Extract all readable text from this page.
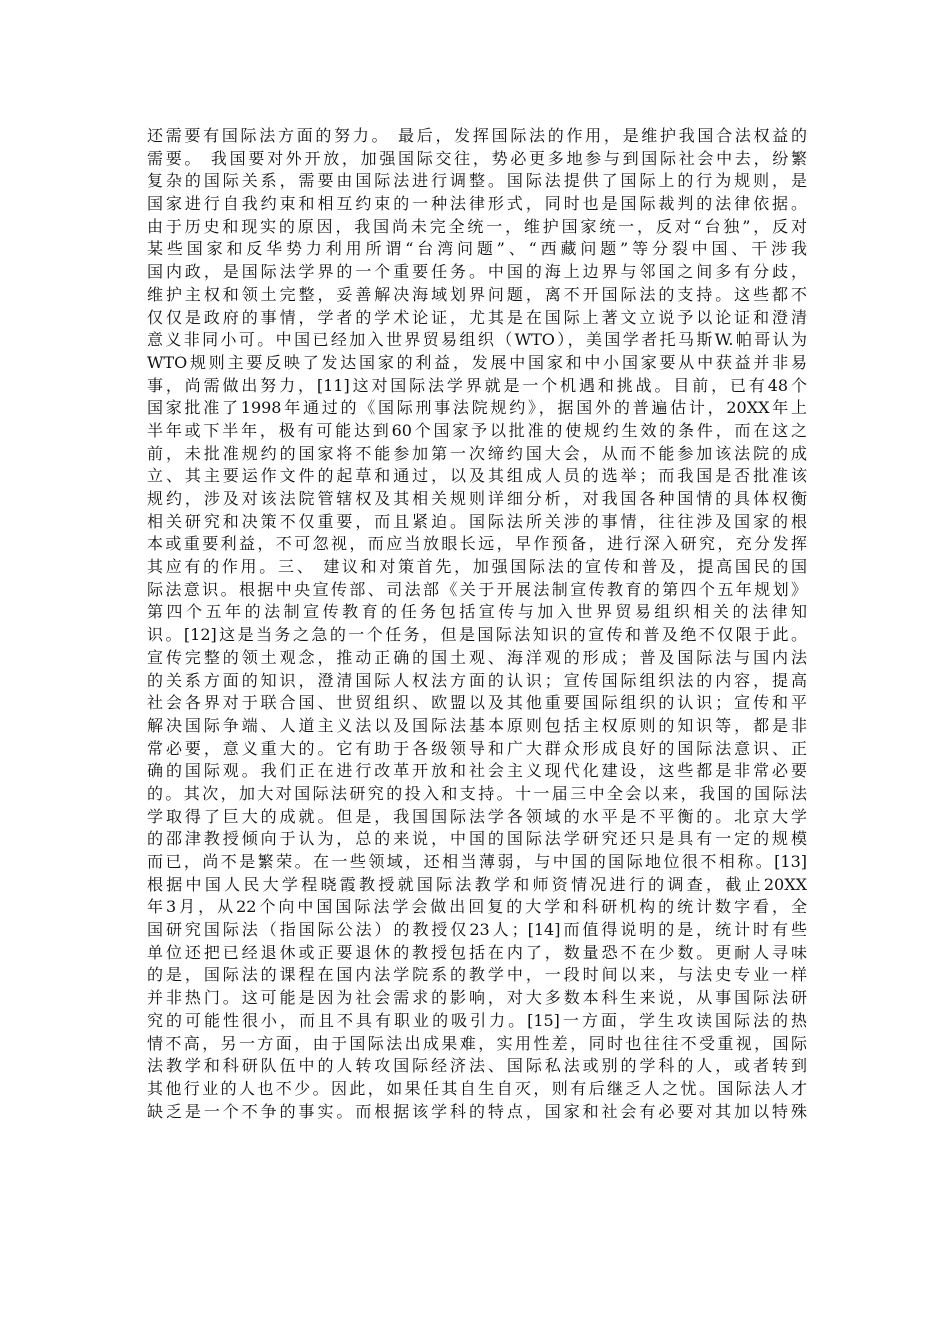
还需要有国际法方面的努力。 最后，发挥国际法的作用，是维护我国合法权益的
需要。 我国要对外开放，加强国际交往，势必更多地参与到国际社会中去，纷繁
复杂的国际关系，需要由国际法进行调整。国际法提供了国际上的行为规则，是
国家进行自我约束和相互约束的一种法律形式，同时也是国际裁判的法律依据。
由于历史和现实的原因，我国尚未完全统一，维护国家统一，反对“台独”，反对
某些国家和反华势力利用所谓“台湾问题”、“西藏问题”等分裂中国、干涉我
国内政，是国际法学界的一个重要任务。中国的海上边界与邻国之间多有分歧，
维护主权和领土完整，妥善解决海域划界问题，离不开国际法的支持。这些都不
仅仅是政府的事情，学者的学术论证，尤其是在国际上著文立说予以论证和澄清
意义非同小可。中国已经加入世界贸易组织（WTO），美国学者托马斯W.帕哥认为
WTO规则主要反映了发达国家的利益，发展中国家和中小国家要从中获益并非易
事，尚需做出努力，[11]这对国际法学界就是一个机遇和挑战。目前，已有48个
国家批准了1998年通过的《国际刑事法院规约》，据国外的普遍估计，20XX年上
半年或下半年，极有可能达到60个国家予以批准的使规约生效的条件，而在这之
前，未批准规约的国家将不能参加第一次缔约国大会，从而不能参加该法院的成
立、其主要运作文件的起草和通过，以及其组成人员的选举；而我国是否批准该
规约，涉及对该法院管辖权及其相关规则详细分析，对我国各种国情的具体权衡
相关研究和决策不仅重要，而且紧迫。国际法所关涉的事情，往往涉及国家的根
本或重要利益，不可忽视，而应当放眼长远，早作预备，进行深入研究，充分发挥
其应有的作用。三、 建议和对策首先，加强国际法的宣传和普及，提高国民的国
际法意识。根据中央宣传部、司法部《关于开展法制宣传教育的第四个五年规划》
第四个五年的法制宣传教育的任务包括宣传与加入世界贸易组织相关的法律知
识。[12]这是当务之急的一个任务，但是国际法知识的宣传和普及绝不仅限于此。
宣传完整的领土观念，推动正确的国土观、海洋观的形成；普及国际法与国内法
的关系方面的知识，澄清国际人权法方面的认识；宣传国际组织法的内容，提高
社会各界对于联合国、世贸组织、欧盟以及其他重要国际组织的认识；宣传和平
解决国际争端、人道主义法以及国际法基本原则包括主权原则的知识等，都是非
常必要，意义重大的。它有助于各级领导和广大群众形成良好的国际法意识、正
确的国际观。我们正在进行改革开放和社会主义现代化建设，这些都是非常必要
的。其次，加大对国际法研究的投入和支持。十一届三中全会以来，我国的国际法
学取得了巨大的成就。但是，我国国际法学各领域的水平是不平衡的。北京大学
的邵津教授倾向于认为，总的来说，中国的国际法学研究还只是具有一定的规模
而已，尚不是繁荣。在一些领域，还相当薄弱，与中国的国际地位很不相称。[13]
根据中国人民大学程晓霞教授就国际法教学和师资情况进行的调查，截止20XX
年3月，从22个向中国国际法学会做出回复的大学和科研机构的统计数字看，全
国研究国际法（指国际公法）的教授仅23人；[14]而值得说明的是，统计时有些
单位还把已经退休或正要退休的教授包括在内了，数量恐不在少数。更耐人寻味
的是，国际法的课程在国内法学院系的教学中，一段时间以来，与法史专业一样
并非热门。这可能是因为社会需求的影响，对大多数本科生来说，从事国际法研
究的可能性很小，而且不具有职业的吸引力。[15]一方面，学生攻读国际法的热
情不高，另一方面，由于国际法出成果难，实用性差，同时也往往不受重视，国际
法教学和科研队伍中的人转攻国际经济法、国际私法或别的学科的人，或者转到
其他行业的人也不少。因此，如果任其自生自灭，则有后继乏人之忧。国际法人才
缺乏是一个不争的事实。而根据该学科的特点，国家和社会有必要对其加以特殊
